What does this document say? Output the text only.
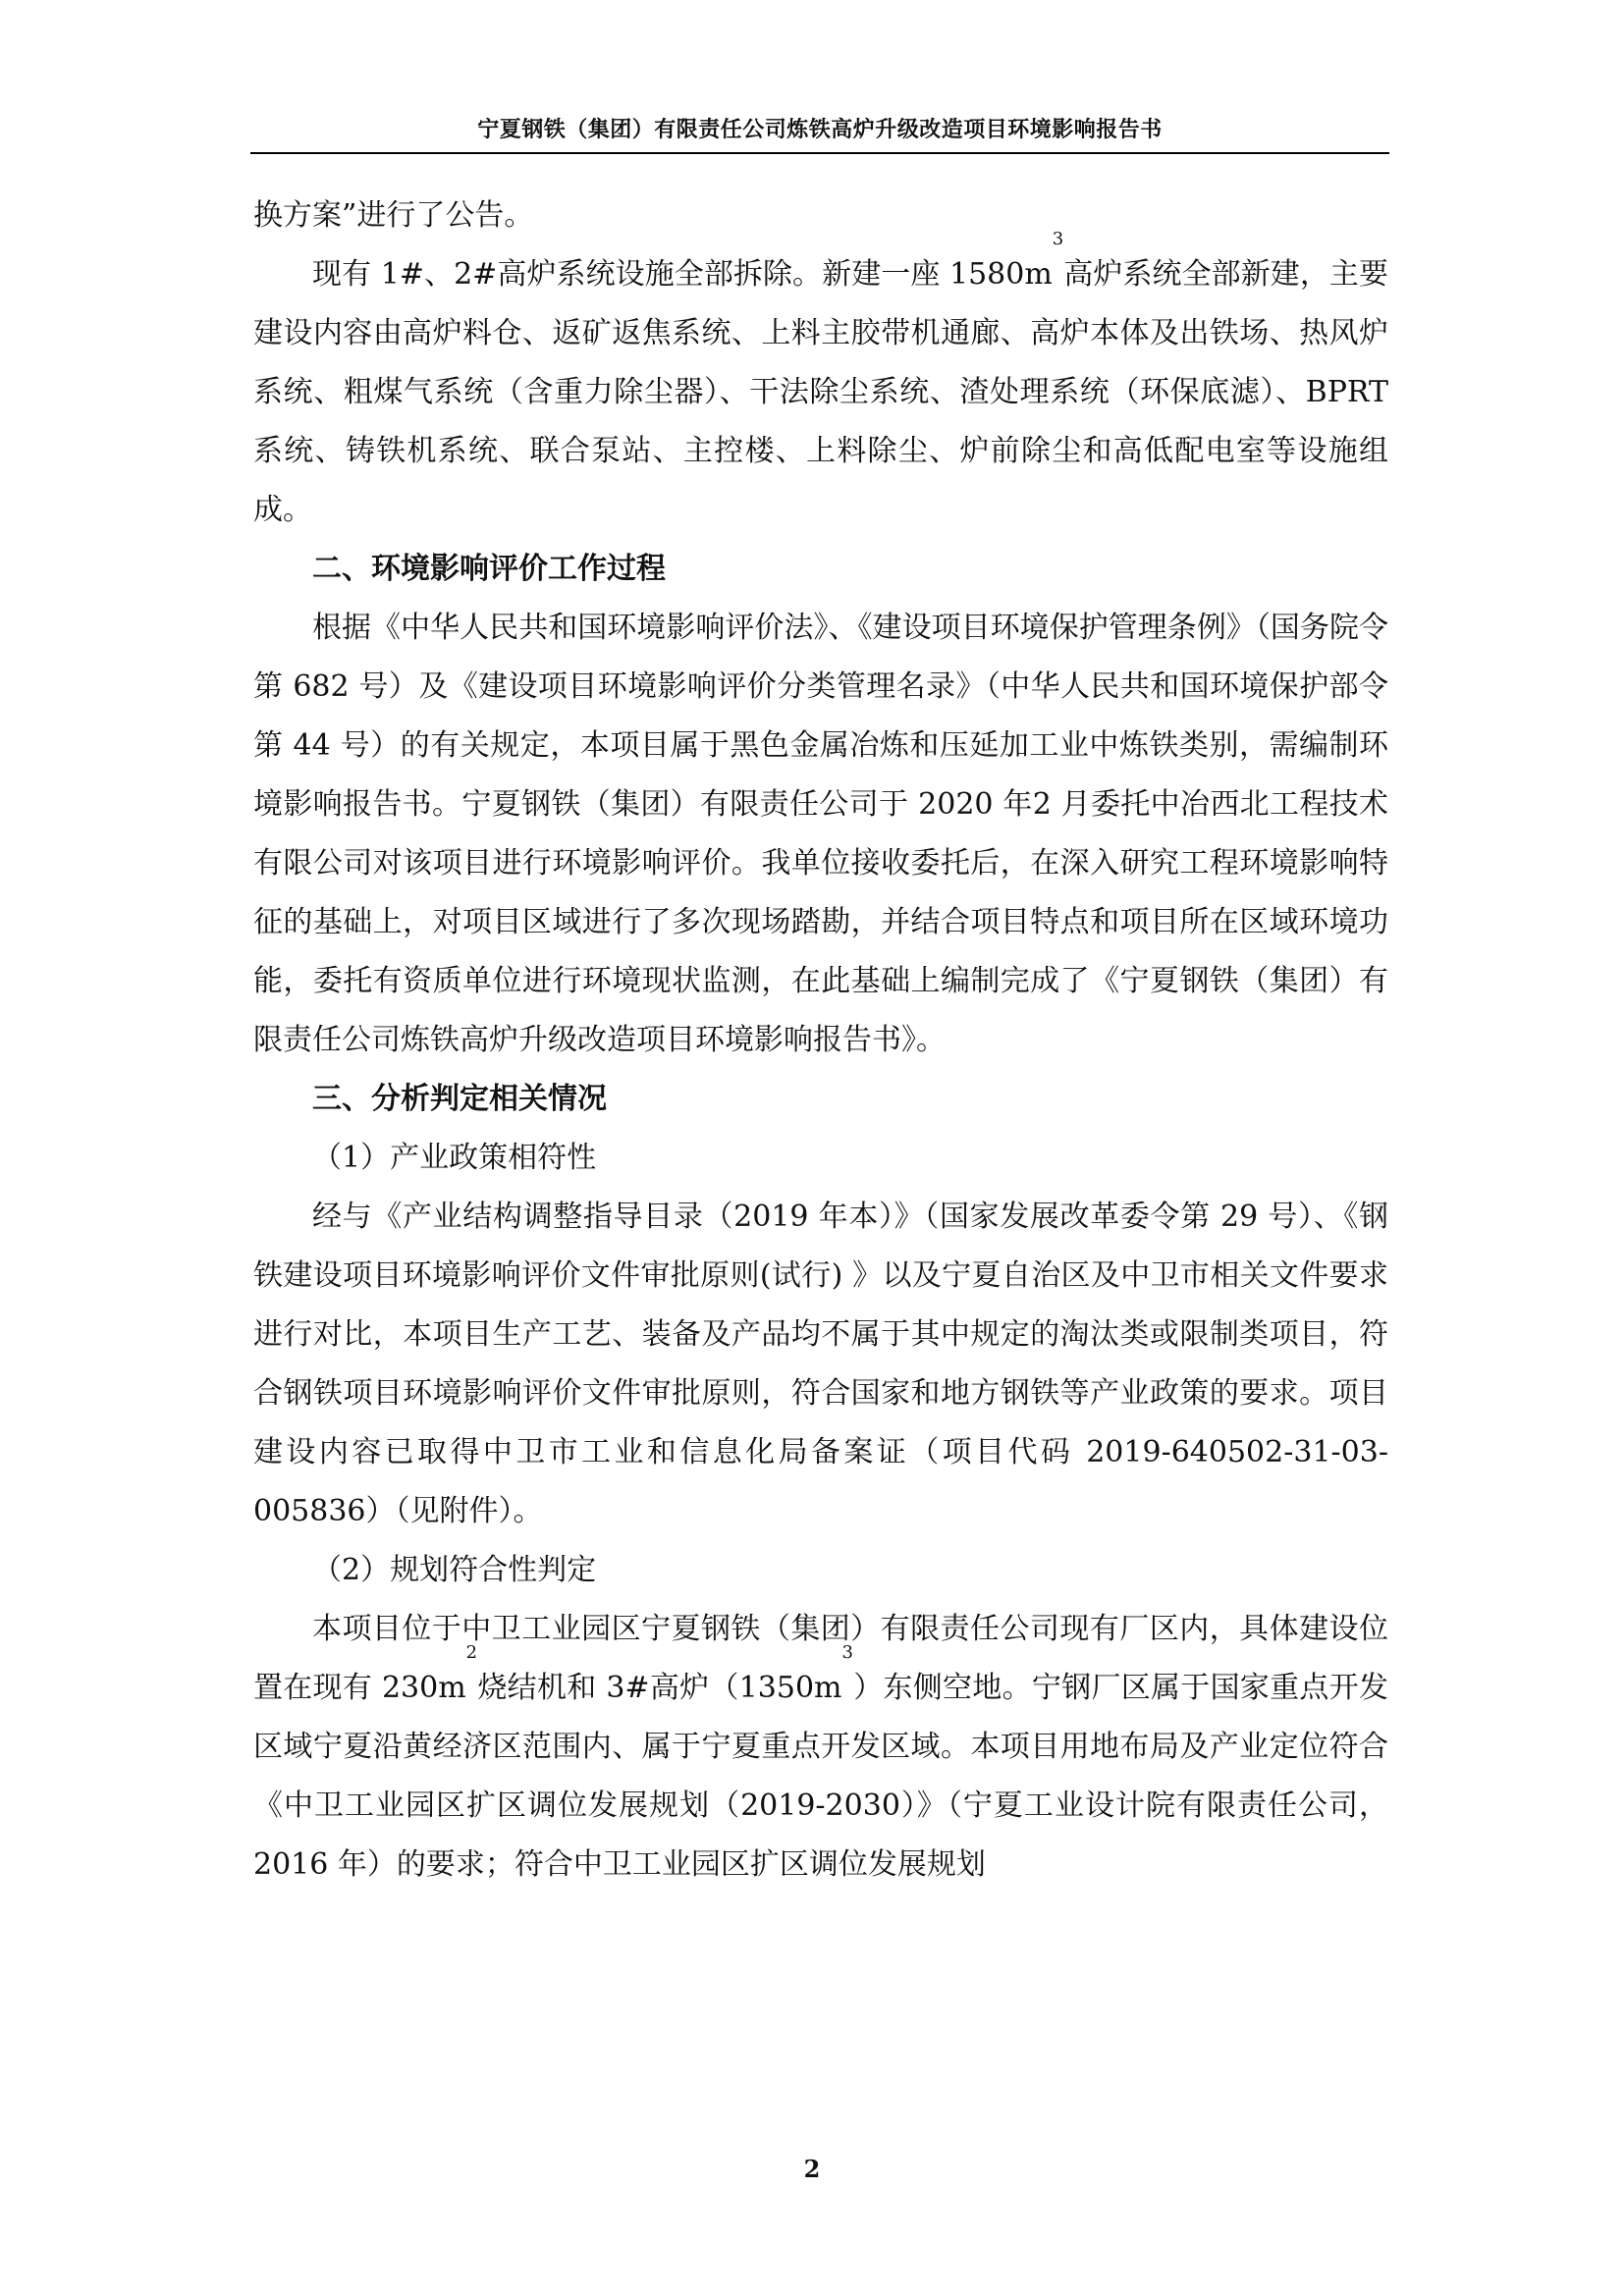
宁夏钢铁（集团）有限责任公司炼铁高炉升级改造项目环境影响报告书

换方案”进行了公告。

现有 1#、2#高炉系统设施全部拆除。新建一座 $1580m^3$高炉系统全部新建，主要建设内容由高炉料仓、返矿返焦系统、上料主胶带机通廊、高炉本体及出铁场、热风炉系统、粗煤气系统（含重力除尘器）、干法除尘系统、渣处理系统（环保底滤）、BPRT 系统、铸铁机系统、联合泵站、主控楼、上料除尘、炉前除尘和高低配电室等设施组成。

二、环境影响评价工作过程

根据《中华人民共和国环境影响评价法》、《建设项目环境保护管理条例》（国务院令第 682 号）及《建设项目环境影响评价分类管理名录》（中华人民共和国环境保护部令第 44 号）的有关规定，本项目属于黑色金属冶炼和压延加工业中炼铁类别，需编制环境影响报告书。宁夏钢铁（集团）有限责任公司于 2020 年2 月委托中冶西北工程技术有限公司对该项目进行环境影响评价。我单位接收委托后，在深入研究工程环境影响特征的基础上，对项目区域进行了多次现场踏勘，并结合项目特点和项目所在区域环境功能，委托有资质单位进行环境现状监测，在此基础上编制完成了《宁夏钢铁（集团）有限责任公司炼铁高炉升级改造项目环境影响报告书》。

三、分析判定相关情况

（1）产业政策相符性

经与《产业结构调整指导目录（2019 年本）》（国家发展改革委令第 29 号）、《钢铁建设项目环境影响评价文件审批原则(试行) 》以及宁夏自治区及中卫市相关文件要求进行对比，本项目生产工艺、装备及产品均不属于其中规定的淘汰类或限制类项目，符合钢铁项目环境影响评价文件审批原则，符合国家和地方钢铁等产业政策的要求。项目建设内容已取得中卫市工业和信息化局备案证（项目代码 2019-640502-31-03-005836）（见附件）。

（2）规划符合性判定

本项目位于中卫工业园区宁夏钢铁（集团）有限责任公司现有厂区内，具体建设位置在现有 $230m^2$烧结机和 3#高炉$(1350m^3)$东侧空地。宁钢厂区属于国家重点开发区域宁夏沿黄经济区范围内、属于宁夏重点开发区域。本项目用地布局及产业定位符合《中卫工业园区扩区调位发展规划（2019-2030）》（宁夏工业设计院有限责任公司，2016 年）的要求；符合中卫工业园区扩区调位发展规划

2
